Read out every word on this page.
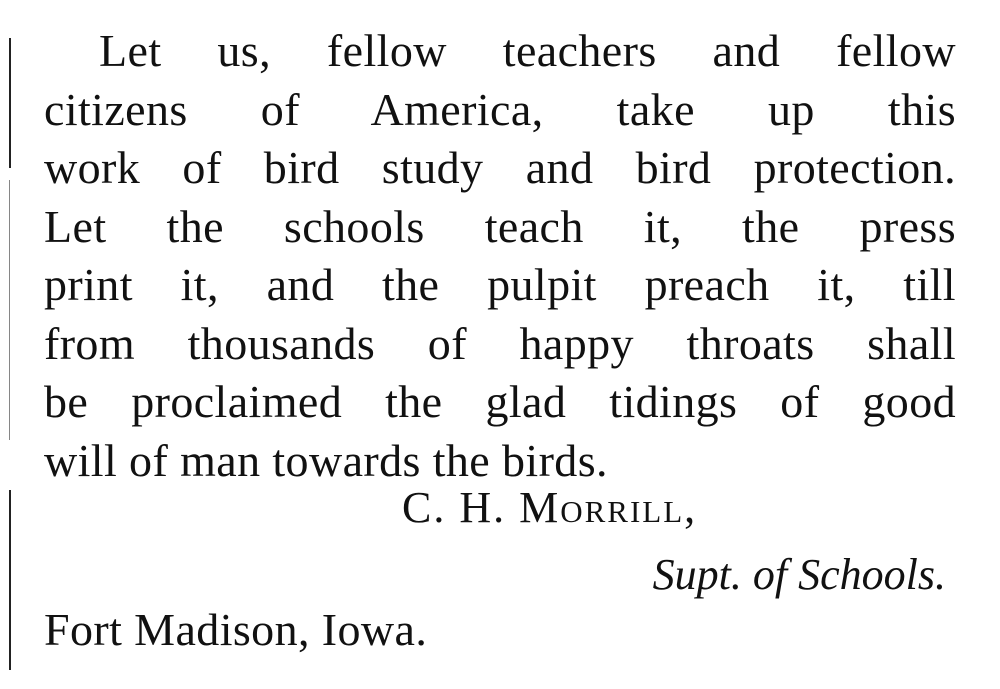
Let us, fellow teachers and fellow
citizens of America, take up this
work of bird study and bird protection.
Let the schools teach it, the press
print it, and the pulpit preach it, till
from thousands of happy throats shall
be proclaimed the glad tidings of good
will of man towards the birds.
C. H. Morrill,
Supt. of Schools.
Fort Madison, Iowa.
